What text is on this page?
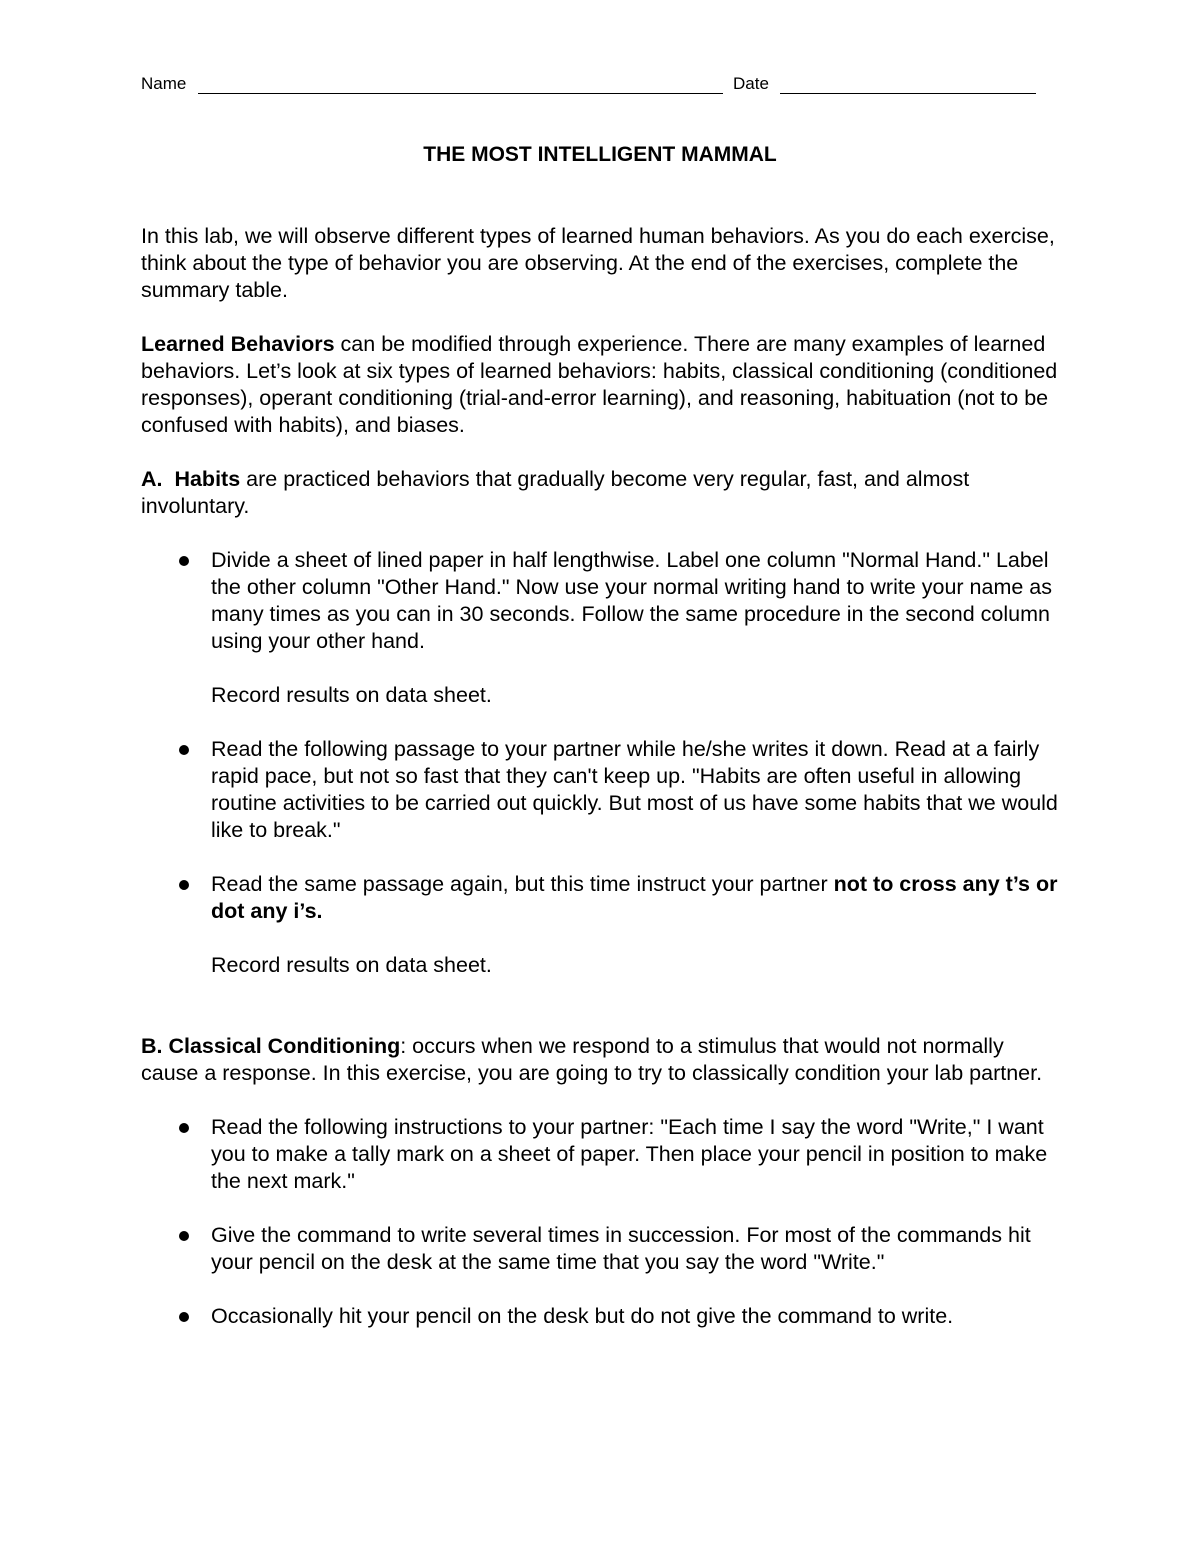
Name	Date
THE MOST INTELLIGENT MAMMAL

In this lab, we will observe different types of learned human behaviors. As you do each exercise, think about the type of behavior you are observing. At the end of the exercises, complete the summary table.

Learned Behaviors can be modified through experience. There are many examples of learned behaviors. Let’s look at six types of learned behaviors: habits, classical conditioning (conditioned responses), operant conditioning (trial-and-error learning), and reasoning, habituation (not to be confused with habits), and biases.

A.  Habits are practiced behaviors that gradually become very regular, fast, and almost involuntary.

Divide a sheet of lined paper in half lengthwise. Label one column "Normal Hand." Label the other column "Other Hand." Now use your normal writing hand to write your name as many times as you can in 30 seconds. Follow the same procedure in the second column using your other hand.
Record results on data sheet.
Read the following passage to your partner while he/she writes it down. Read at a fairly rapid pace, but not so fast that they can't keep up. "Habits are often useful in allowing routine activities to be carried out quickly. But most of us have some habits that we would like to break."
Read the same passage again, but this time instruct your partner not to cross any t’s or dot any i’s.
Record results on data sheet.

B. Classical Conditioning: occurs when we respond to a stimulus that would not normally cause a response. In this exercise, you are going to try to classically condition your lab partner.

Read the following instructions to your partner: "Each time I say the word "Write," I want you to make a tally mark on a sheet of paper. Then place your pencil in position to make the next mark."
Give the command to write several times in succession. For most of the commands hit your pencil on the desk at the same time that you say the word "Write."
Occasionally hit your pencil on the desk but do not give the command to write.
